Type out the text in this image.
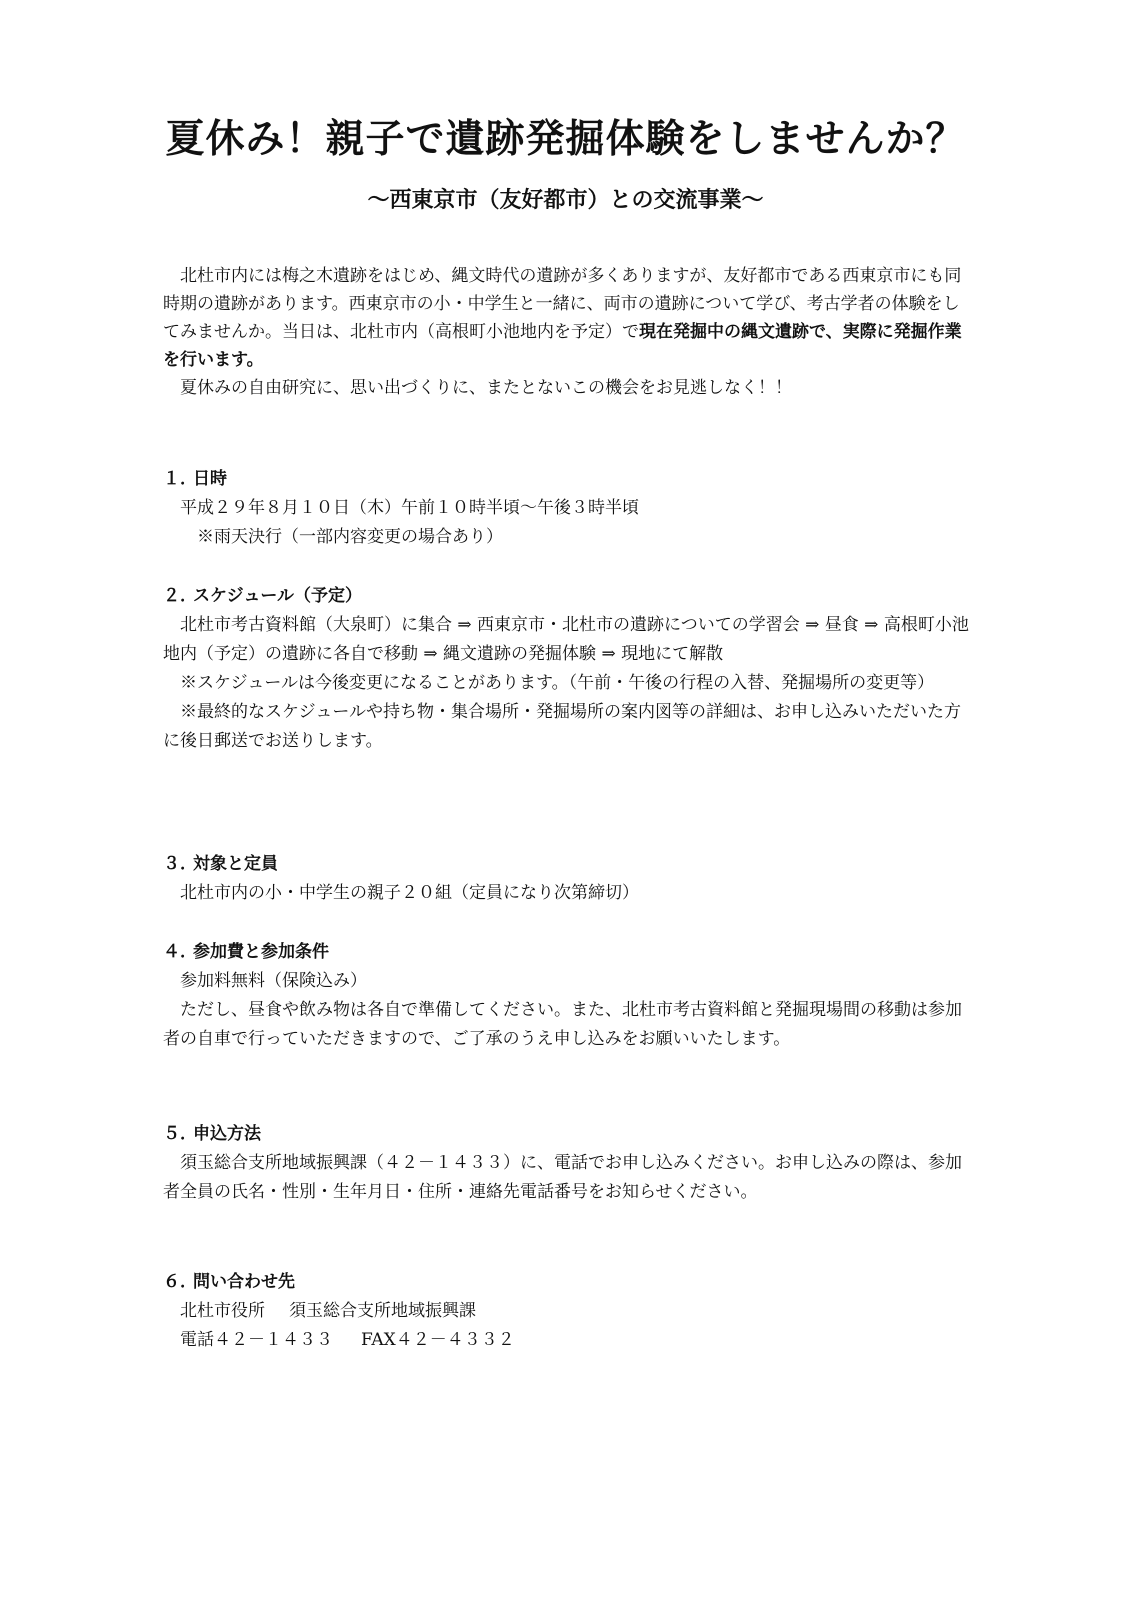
夏休み！親子で遺跡発掘体験をしませんか？
～西東京市（友好都市）との交流事業～

北杜市内には梅之木遺跡をはじめ、縄文時代の遺跡が多くありますが、友好都市である西東京市にも同時期の遺跡があります。西東京市の小・中学生と一緒に、両市の遺跡について学び、考古学者の体験をしてみませんか。当日は、北杜市内（高根町小池地内を予定）で現在発掘中の縄文遺跡で、実際に発掘作業を行います。

夏休みの自由研究に、思い出づくりに、またとないこの機会をお見逃しなく！！

１．日時

平成２９年８月１０日（木）午前１０時半頃～午後３時半頃

※雨天決行（一部内容変更の場合あり）

２．スケジュール（予定）

北杜市考古資料館（大泉町）に集合 ⇒ 西東京市・北杜市の遺跡についての学習会 ⇒ 昼食 ⇒ 高根町小池地内（予定）の遺跡に各自で移動 ⇒ 縄文遺跡の発掘体験 ⇒ 現地にて解散

※スケジュールは今後変更になることがあります。（午前・午後の行程の入替、発掘場所の変更等）

※最終的なスケジュールや持ち物・集合場所・発掘場所の案内図等の詳細は、お申し込みいただいた方に後日郵送でお送りします。

３．対象と定員

北杜市内の小・中学生の親子２０組（定員になり次第締切）

４．参加費と参加条件

参加料無料（保険込み）

ただし、昼食や飲み物は各自で準備してください。また、北杜市考古資料館と発掘現場間の移動は参加者の自車で行っていただきますので、ご了承のうえ申し込みをお願いいたします。

５．申込方法

須玉総合支所地域振興課（４２－１４３３）に、電話でお申し込みください。お申し込みの際は、参加者全員の氏名・性別・生年月日・住所・連絡先電話番号をお知らせください。

６．問い合わせ先

北杜市役所 須玉総合支所地域振興課

電話４２－１４３３ FAX４２－４３３２
